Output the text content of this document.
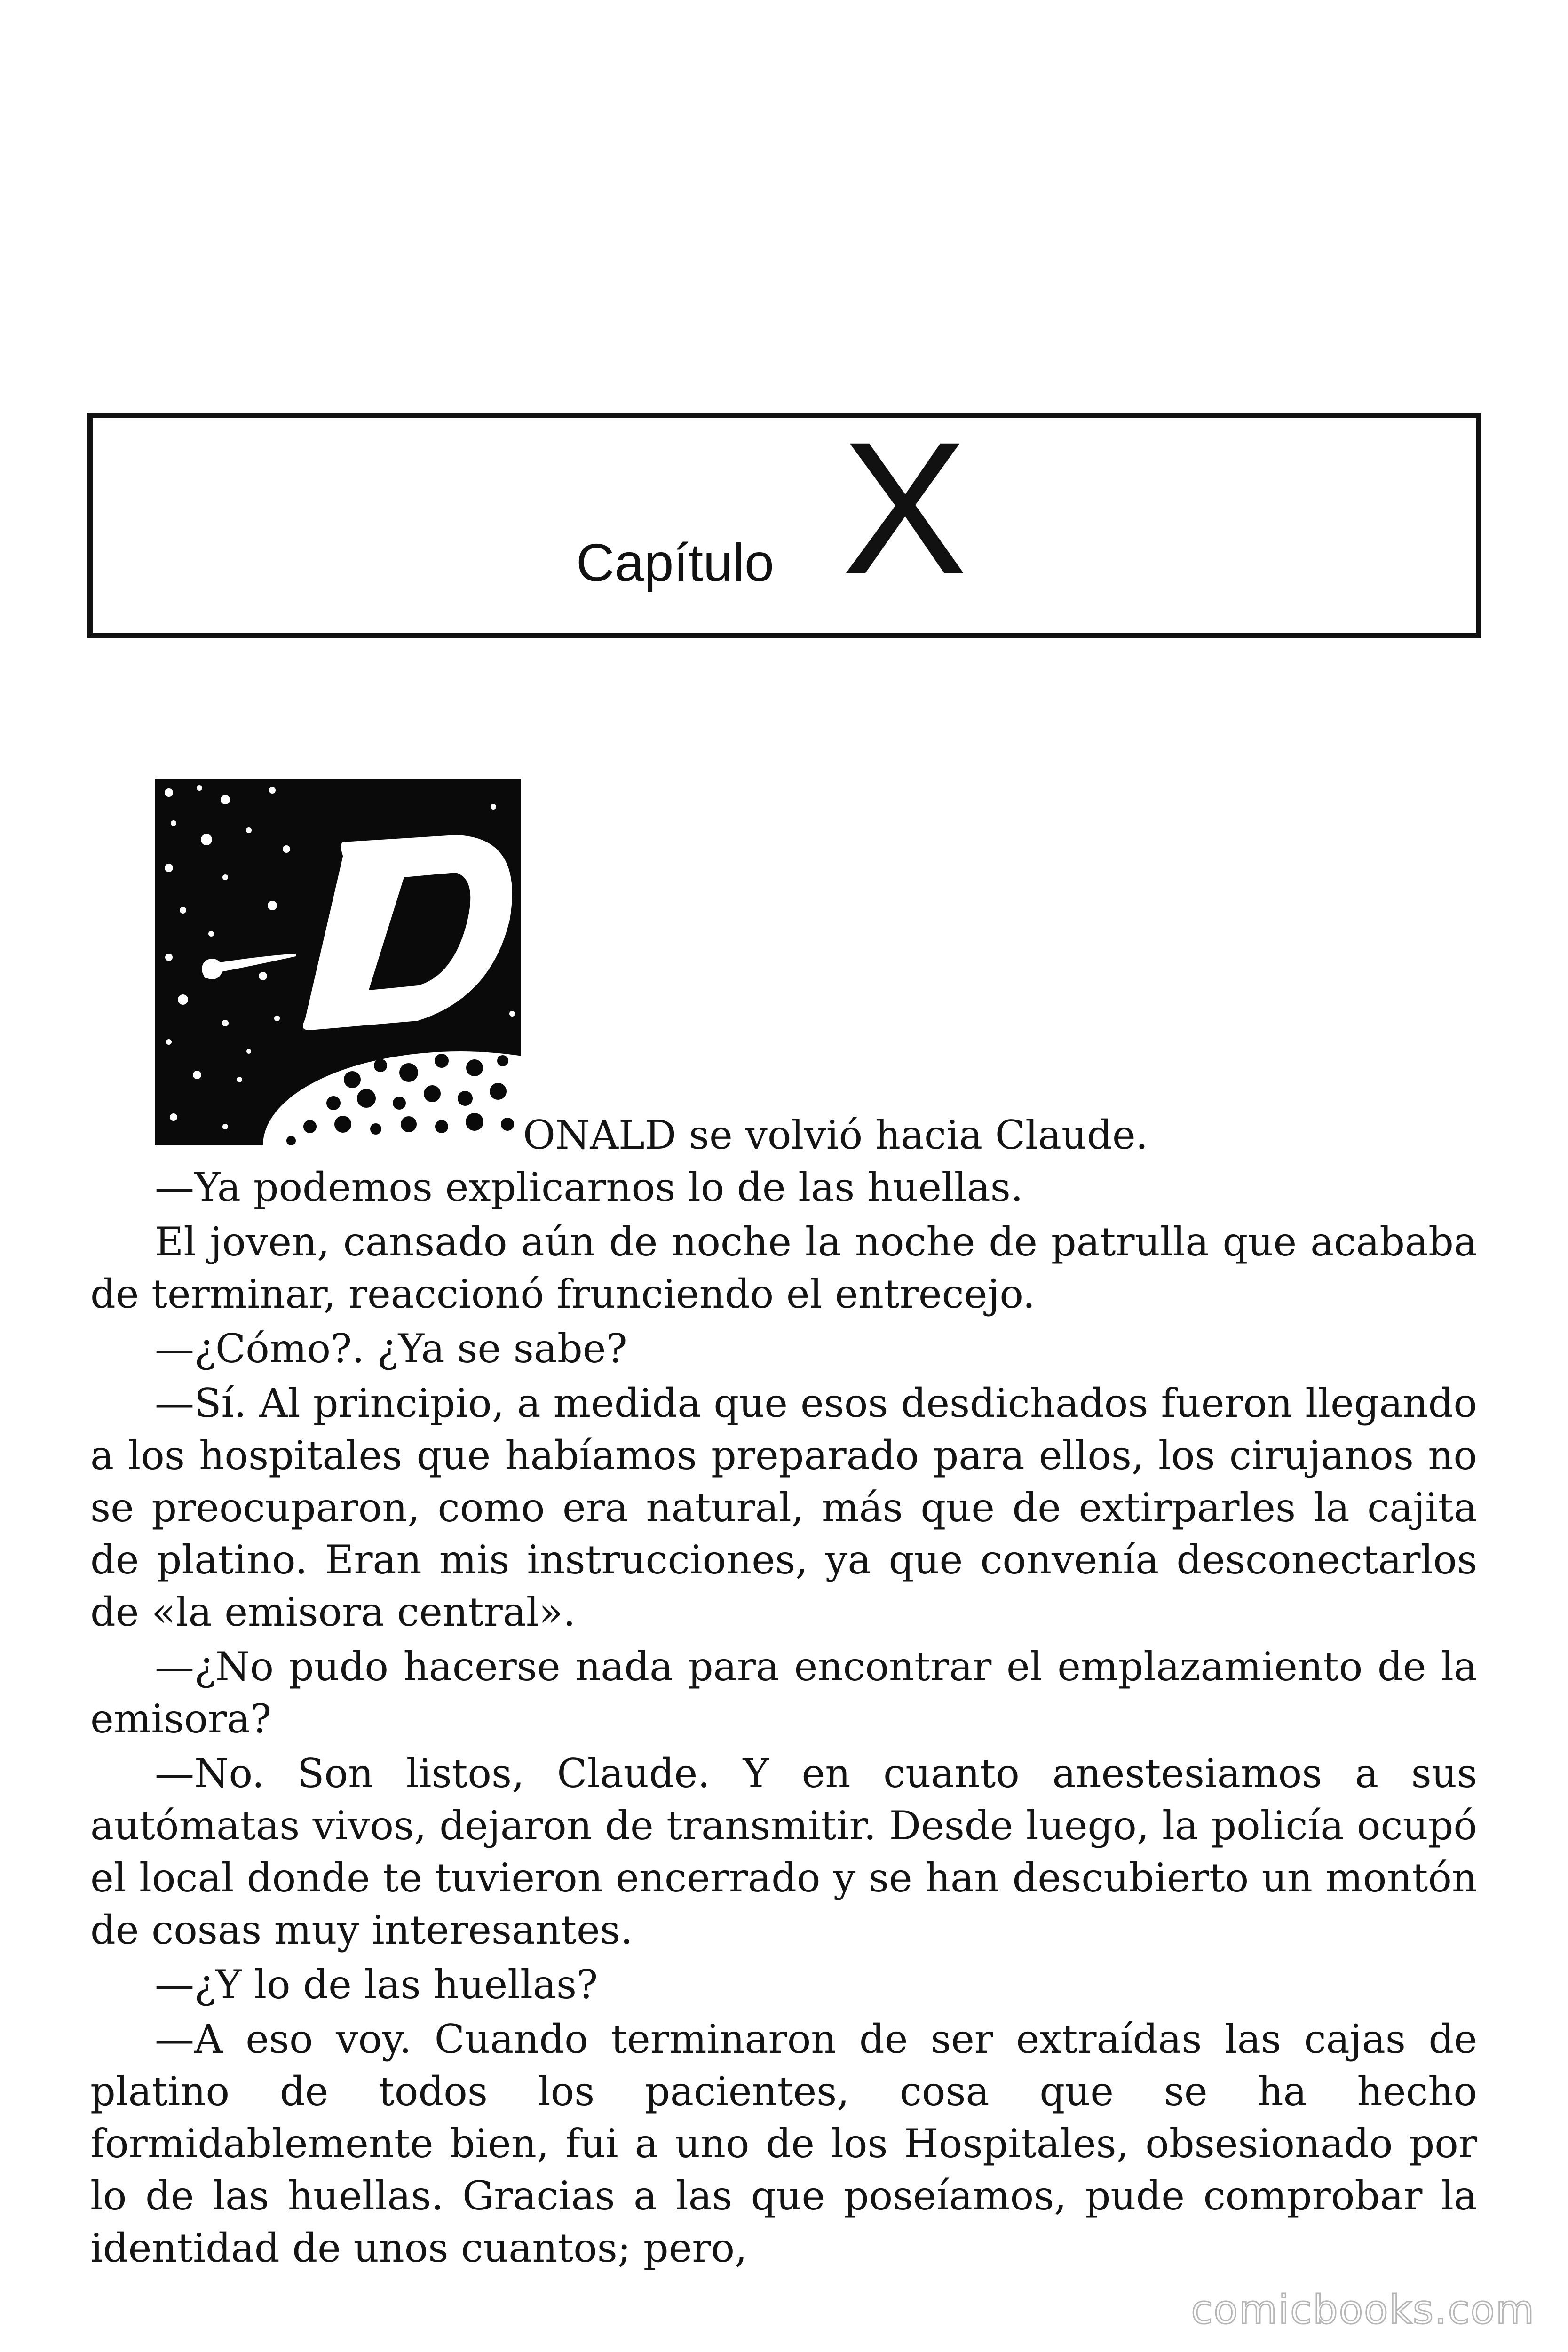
Capítulo X
ONALD se volvió hacia Claude.

—Ya podemos explicarnos lo de las huellas.

El joven, cansado aún de noche la noche de patrulla que acababa de terminar, reaccionó frunciendo el entrecejo.

—¿Cómo?. ¿Ya se sabe?

—Sí. Al principio, a medida que esos desdichados fueron llegando a los hospitales que habíamos preparado para ellos, los cirujanos no se preocuparon, como era natural, más que de extirparles la cajita de platino. Eran mis instrucciones, ya que convenía desconectarlos de «la emisora central».

—¿No pudo hacerse nada para encontrar el emplazamiento de la emisora?

—No. Son listos, Claude. Y en cuanto anestesiamos a sus autómatas vivos, dejaron de transmitir. Desde luego, la policía ocupó el local donde te tuvieron encerrado y se han descubierto un montón de cosas muy interesantes.

—¿Y lo de las huellas?

—A eso voy. Cuando terminaron de ser extraídas las cajas de platino de todos los pacientes, cosa que se ha hecho formidablemente bien, fui a uno de los Hospitales, obsesionado por lo de las huellas. Gracias a las que poseíamos, pude comprobar la identidad de unos cuantos; pero,

comicbooks.com
